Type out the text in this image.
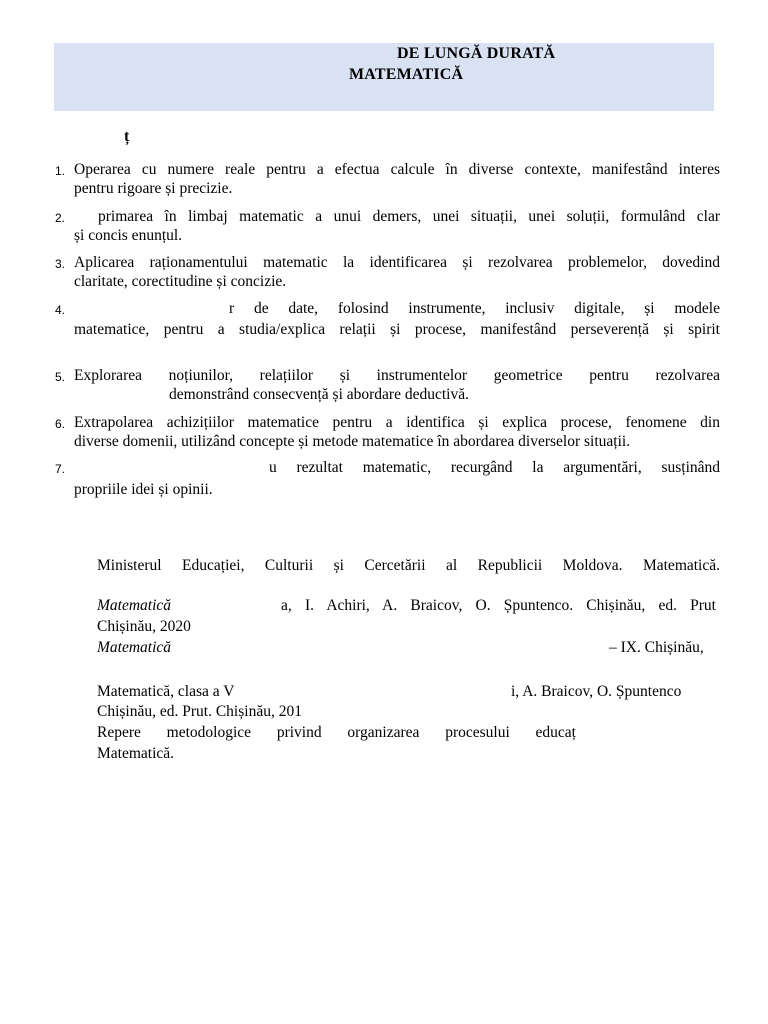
DE LUNGĂ DURATĂ
MATEMATICĂ
ț
1. Operarea cu numere reale pentru a efectua calcule în diverse contexte, manifestând interes
pentru rigoare și precizie.
2. primarea în limbaj matematic a unui demers, unei situații, unei soluții, formulând clar
și concis enunțul.
3. Aplicarea raționamentului matematic la identificarea și rezolvarea problemelor, dovedind
claritate, corectitudine și concizie.
4.	r de date, folosind instrumente, inclusiv digitale, și modele
matematice, pentru a studia/explica relații și procese, manifestând perseverență și spirit
5. Explorarea noțiunilor, relațiilor și instrumentelor geometrice pentru rezolvarea
demonstrând consecvență și abordare deductivă.
6. Extrapolarea achizițiilor matematice pentru a identifica și explica procese, fenomene din
diverse domenii, utilizând concepte și metode matematice în abordarea diverselor situații.
7.	u rezultat matematic, recurgând la argumentări, susținând
propriile idei și opinii.
Ministerul Educației, Culturii și Cercetării al Republicii Moldova. Matematică.
Matematică	a, I. Achiri, A. Braicov, O. Șpuntenco. Chișinău, ed. Prut
Chișinău, 2020
Matematică	– IX. Chișinău,
Matematică, clasa a V	i, A. Braicov, O. Șpuntenco
Chișinău, ed. Prut. Chișinău, 201
Repere metodologice privind organizarea procesului educaț
Matematică.
